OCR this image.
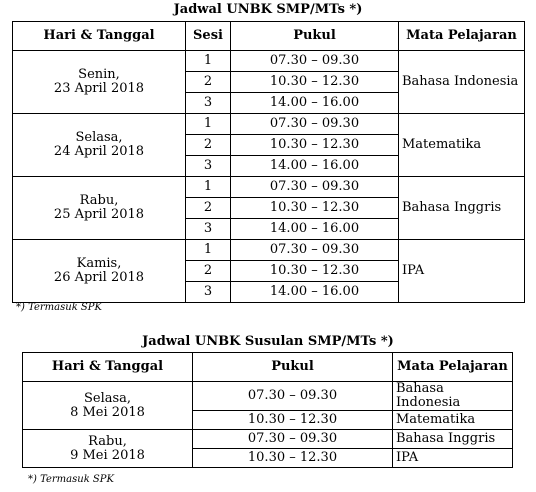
Jadwal UNBK SMP/MTs *)
Hari & Tanggal	Sesi	Pukul	Mata Pelajaran
Senin,
23 April 2018	1	07.30 – 09.30	Bahasa Indonesia
	2	10.30 – 12.30	
	3	14.00 – 16.00	
Selasa,
24 April 2018	1	07.30 – 09.30	Matematika
	2	10.30 – 12.30	
	3	14.00 – 16.00	
Rabu,
25 April 2018	1	07.30 – 09.30	Bahasa Inggris
	2	10.30 – 12.30	
	3	14.00 – 16.00	
Kamis,
26 April 2018	1	07.30 – 09.30	IPA
	2	10.30 – 12.30	
	3	14.00 – 16.00	
*) Termasuk SPK
Jadwal UNBK Susulan SMP/MTs *)
Hari & Tanggal	Pukul	Mata Pelajaran
Selasa,
8 Mei 2018	07.30 – 09.30	Bahasa Indonesia
	10.30 – 12.30	Matematika
Rabu,
9 Mei 2018	07.30 – 09.30	Bahasa Inggris
	10.30 – 12.30	IPA
*) Termasuk SPK
